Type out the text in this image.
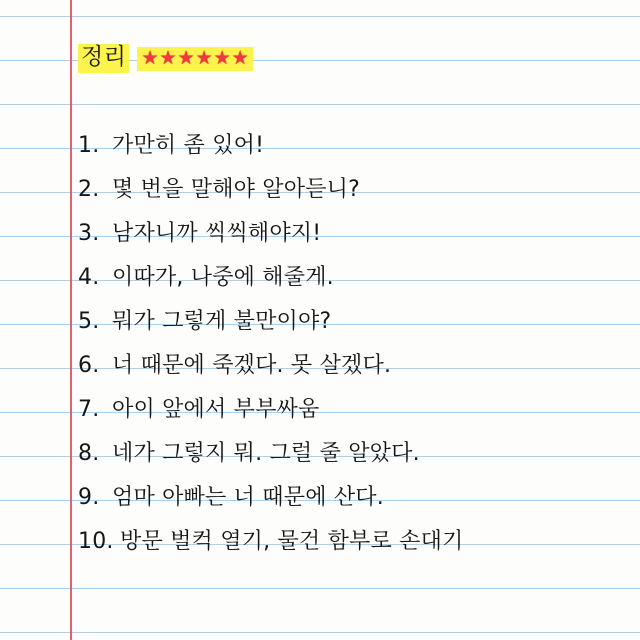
정리 ★ ★ ★ ★ ★ ★
1. 가만히 좀 있어!
2. 몇 번을 말해야 알아듣니?
3. 남자니까 씩씩해야지!
4. 이따가, 나중에 해줄게.
5. 뭐가 그렇게 불만이야?
6. 너 때문에 죽겠다. 못 살겠다.
7. 아이 앞에서 부부싸움
8. 네가 그렇지 뭐. 그럴 줄 알았다.
9. 엄마 아빠는 너 때문에 산다.
10. 방문 벌컥 열기, 물건 함부로 손대기
